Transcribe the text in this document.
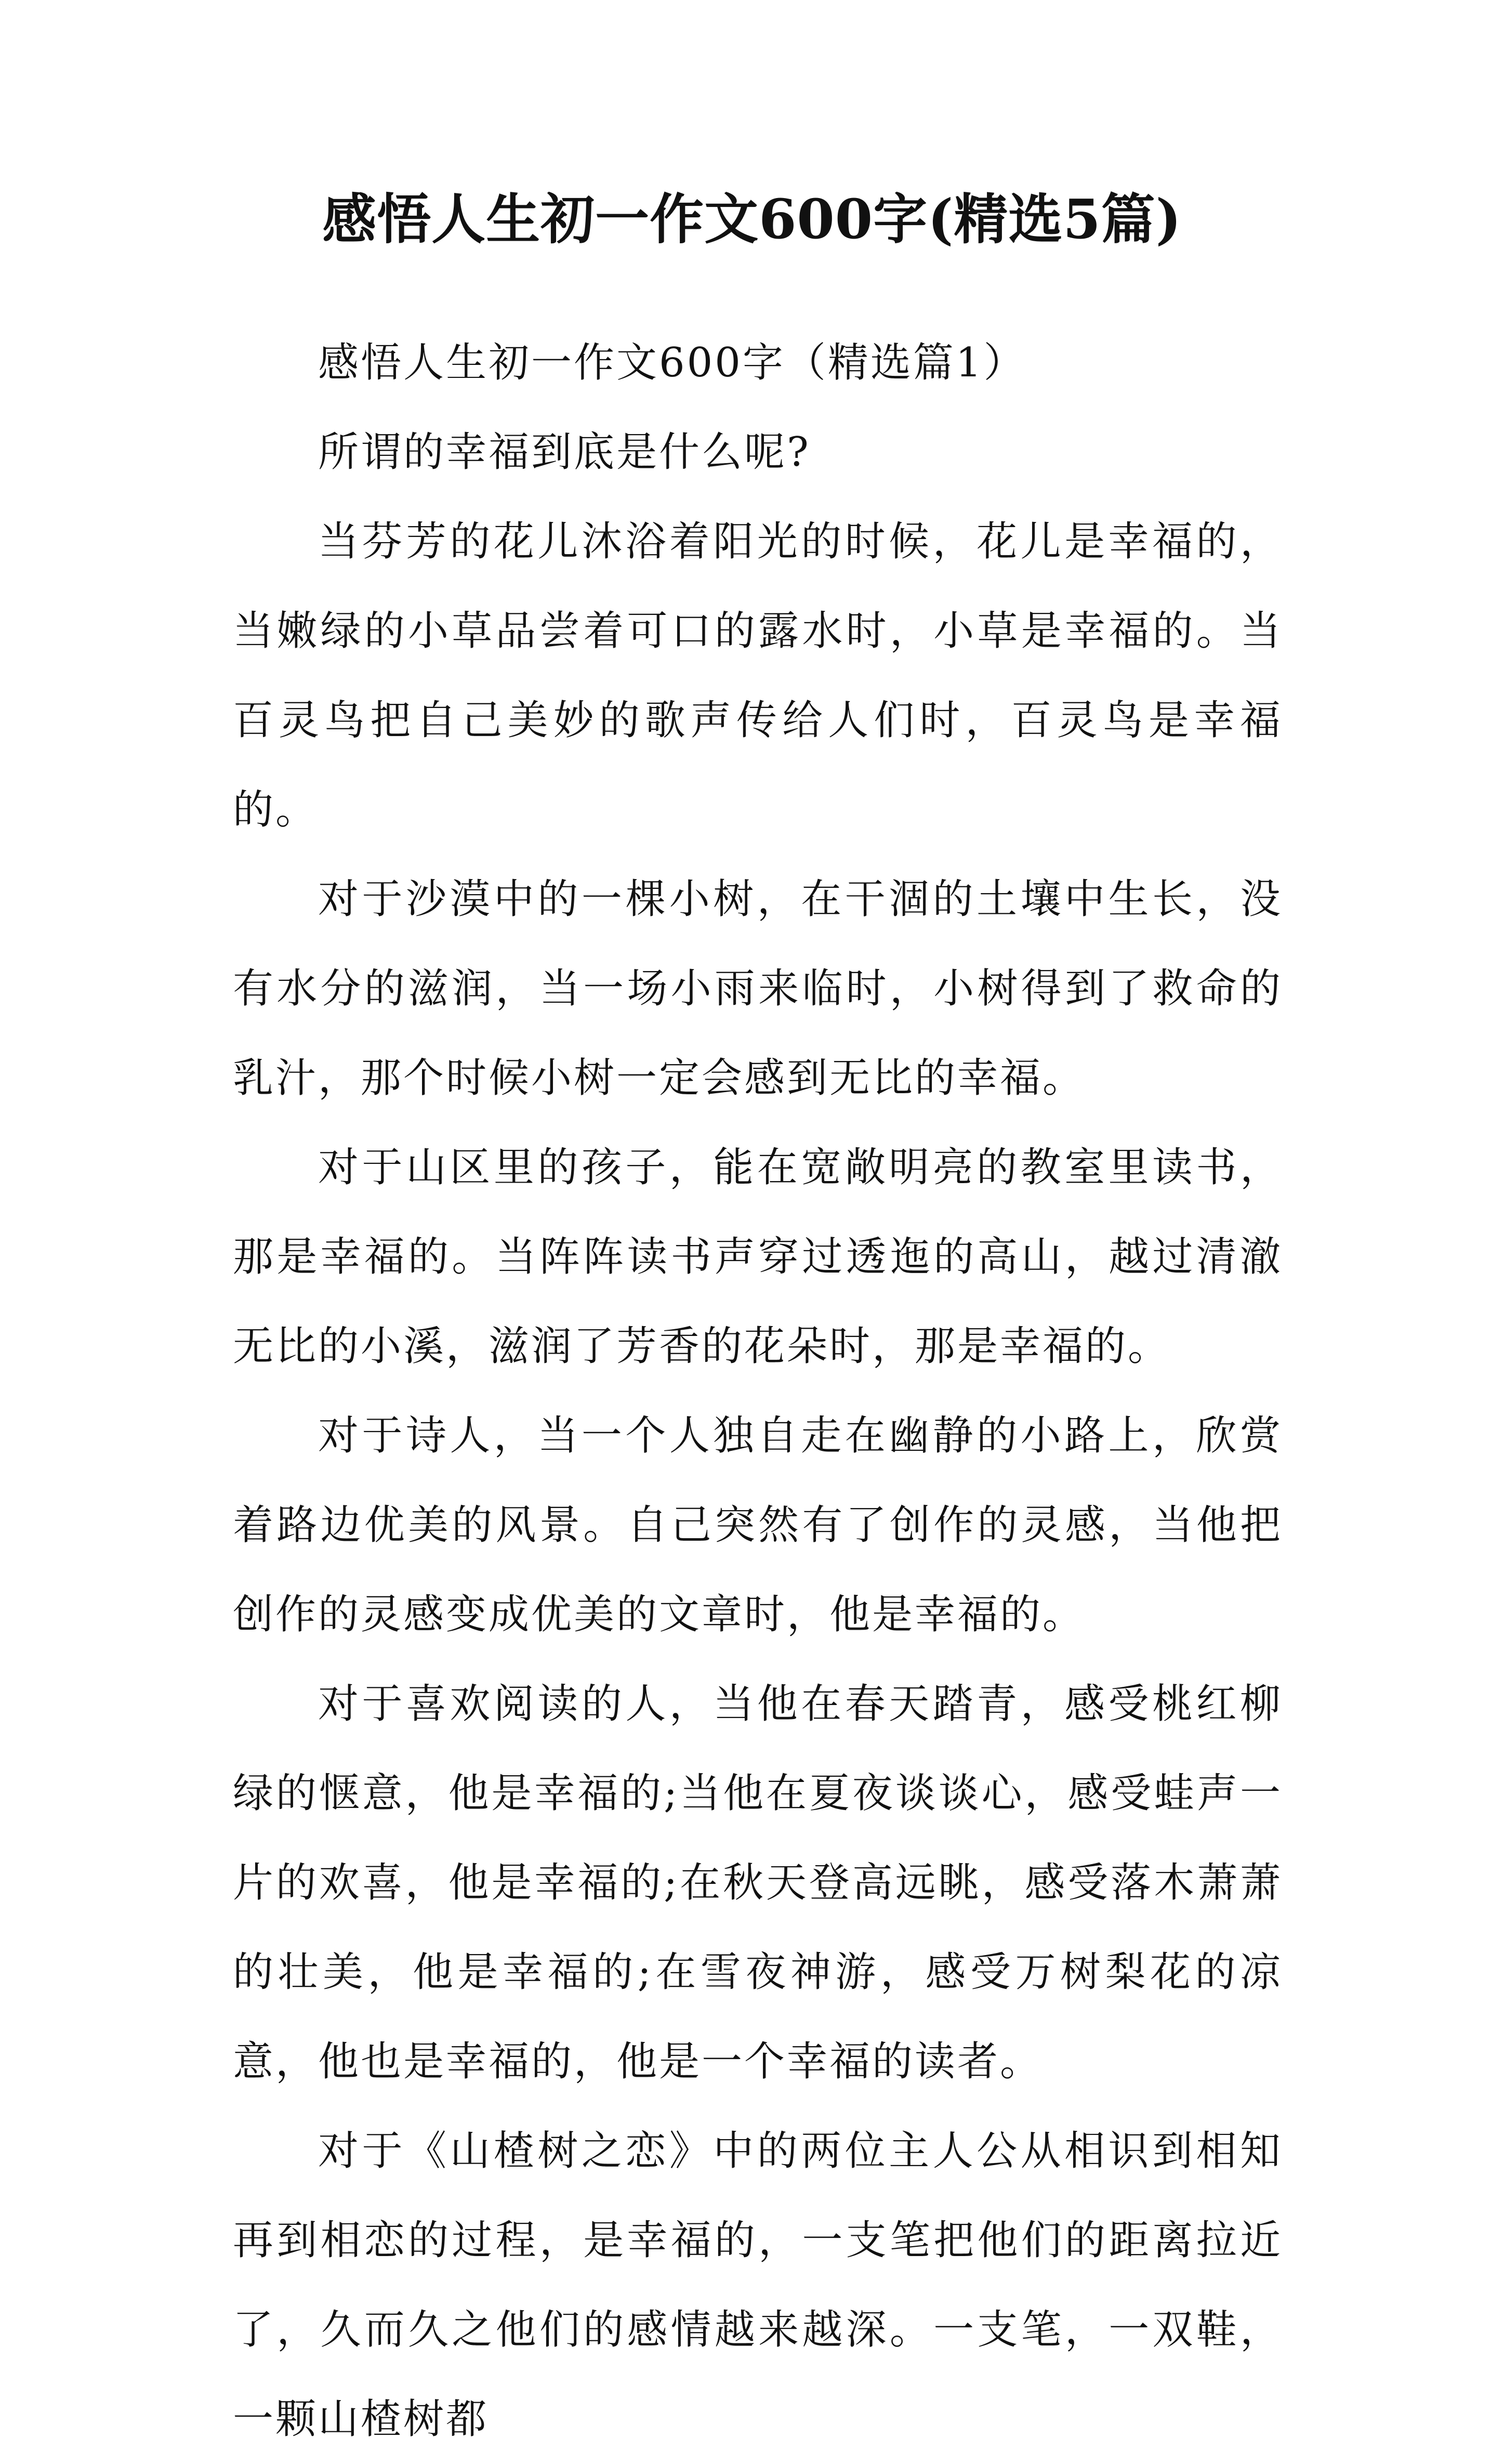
感悟人生初一作文600字(精选5篇)

感悟人生初一作文600字（精选篇1）

所谓的幸福到底是什么呢?

当芬芳的花儿沐浴着阳光的时候，花儿是幸福的，当嫩绿的小草品尝着可口的露水时，小草是幸福的。当百灵鸟把自己美妙的歌声传给人们时，百灵鸟是幸福的。

对于沙漠中的一棵小树，在干涸的土壤中生长，没有水分的滋润，当一场小雨来临时，小树得到了救命的乳汁，那个时候小树一定会感到无比的幸福。

对于山区里的孩子，能在宽敞明亮的教室里读书，那是幸福的。当阵阵读书声穿过透迤的高山，越过清澈无比的小溪，滋润了芳香的花朵时，那是幸福的。

对于诗人，当一个人独自走在幽静的小路上，欣赏着路边优美的风景。自己突然有了创作的灵感，当他把创作的灵感变成优美的文章时，他是幸福的。

对于喜欢阅读的人，当他在春天踏青，感受桃红柳绿的惬意，他是幸福的;当他在夏夜谈谈心，感受蛙声一片的欢喜，他是幸福的;在秋天登高远眺，感受落木萧萧的壮美，他是幸福的;在雪夜神游，感受万树梨花的凉意，他也是幸福的，他是一个幸福的读者。

对于《山楂树之恋》中的两位主人公从相识到相知再到相恋的过程，是幸福的，一支笔把他们的距离拉近了，久而久之他们的感情越来越深。一支笔，一双鞋，一颗山楂树都
